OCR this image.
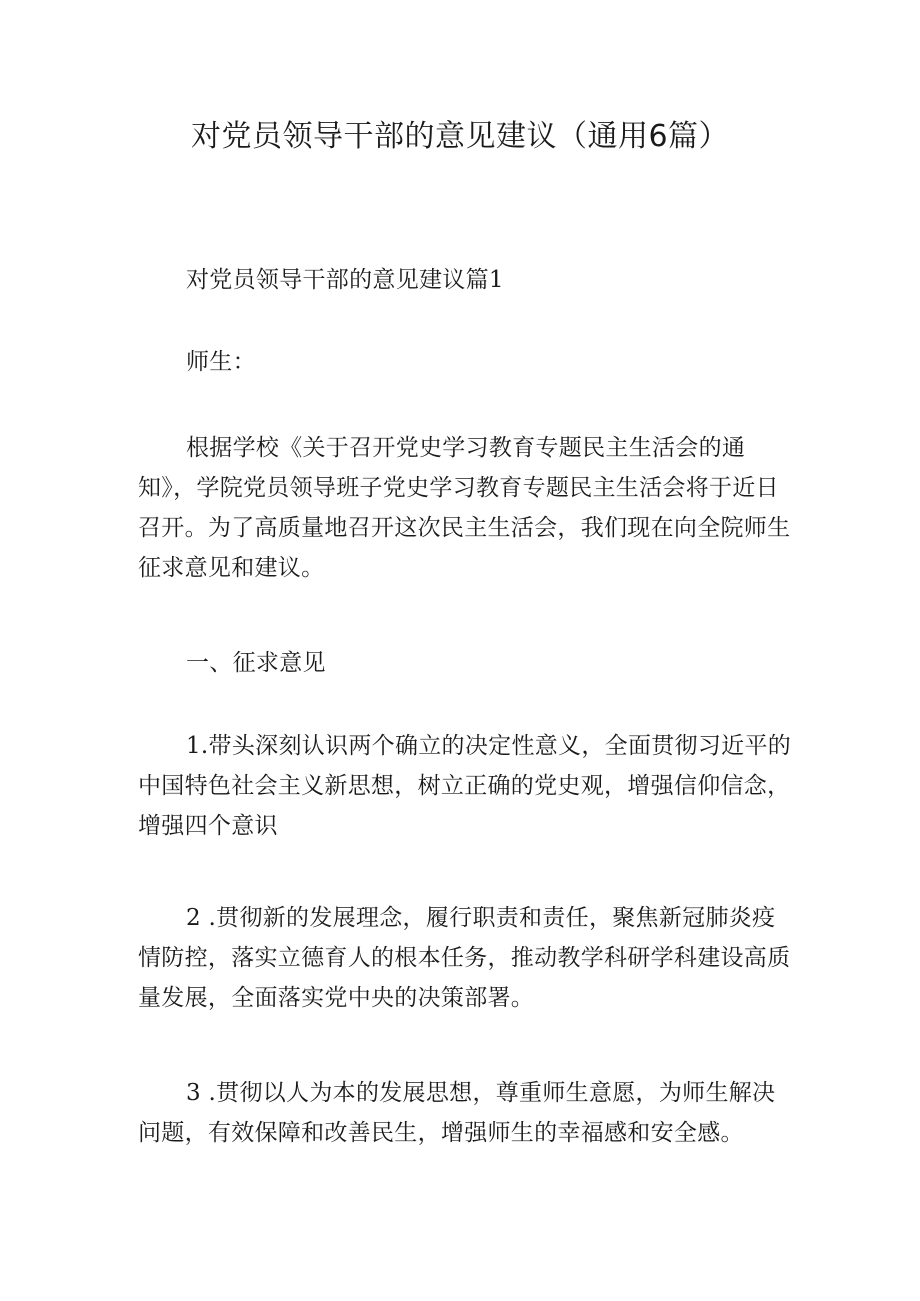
对党员领导干部的意见建议（通用6篇）

对党员领导干部的意见建议篇1

师生：

根据学校《关于召开党史学习教育专题民主生活会的通知》，学院党员领导班子党史学习教育专题民主生活会将于近日召开。为了高质量地召开这次民主生活会，我们现在向全院师生征求意见和建议。

一、征求意见

1.带头深刻认识两个确立的决定性意义，全面贯彻习近平的中国特色社会主义新思想，树立正确的党史观，增强信仰信念，增强四个意识

2 .贯彻新的发展理念，履行职责和责任，聚焦新冠肺炎疫情防控，落实立德育人的根本任务，推动教学科研学科建设高质量发展，全面落实党中央的决策部署。

3 .贯彻以人为本的发展思想，尊重师生意愿，为师生解决问题，有效保障和改善民生，增强师生的幸福感和安全感。
